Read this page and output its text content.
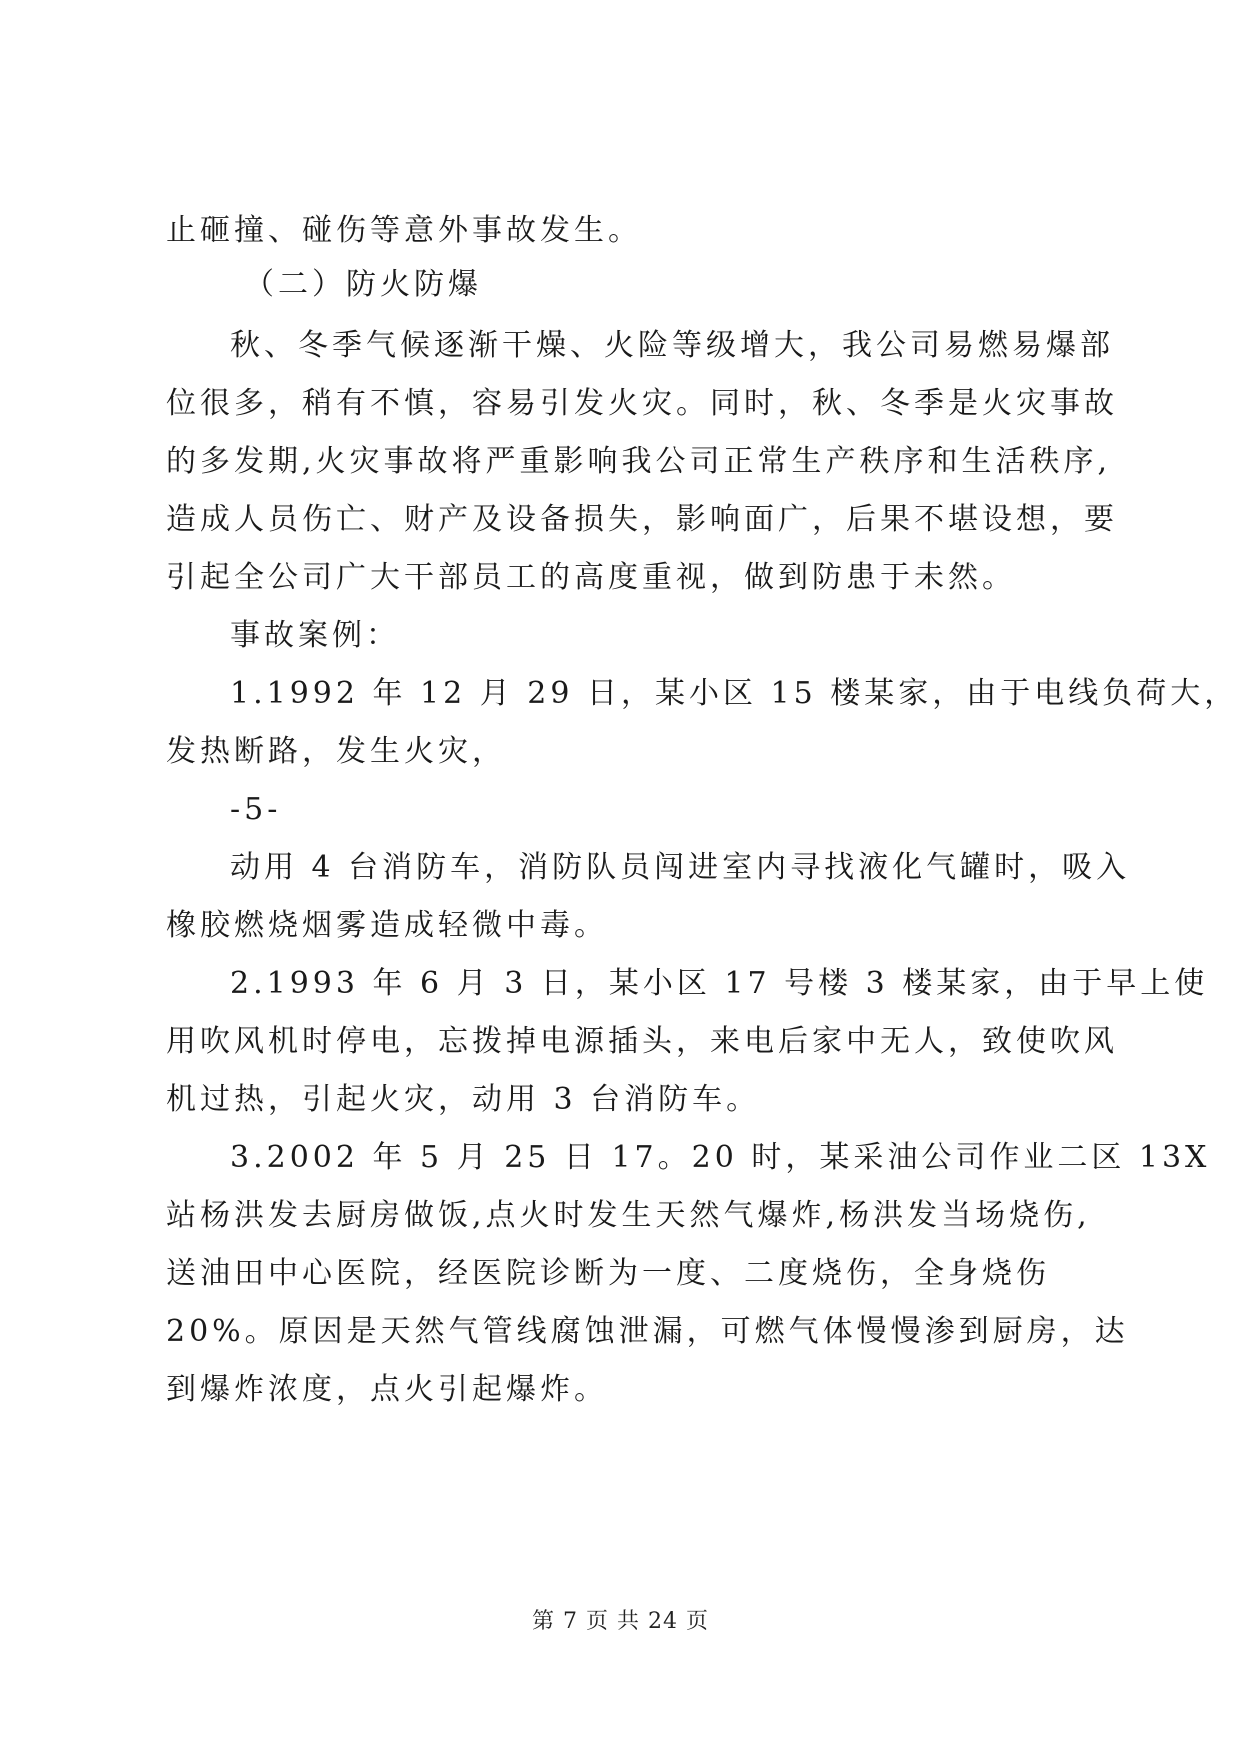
止砸撞、碰伤等意外事故发生。
（二）防火防爆
秋、冬季气候逐渐干燥、火险等级增大，我公司易燃易爆部
位很多，稍有不慎，容易引发火灾。同时，秋、冬季是火灾事故
的多发期,火灾事故将严重影响我公司正常生产秩序和生活秩序,
造成人员伤亡、财产及设备损失，影响面广，后果不堪设想，要
引起全公司广大干部员工的高度重视，做到防患于未然。
事故案例：
1.1992 年 12 月 29 日，某小区 15 楼某家，由于电线负荷大，
发热断路，发生火灾，
-5-
动用 4 台消防车，消防队员闯进室内寻找液化气罐时，吸入
橡胶燃烧烟雾造成轻微中毒。
2.1993 年 6 月 3 日，某小区 17 号楼 3 楼某家，由于早上使
用吹风机时停电，忘拨掉电源插头，来电后家中无人，致使吹风
机过热，引起火灾，动用 3 台消防车。
3.2002 年 5 月 25 日 17。20 时，某采油公司作业二区 13X
站杨洪发去厨房做饭,点火时发生天然气爆炸,杨洪发当场烧伤,
送油田中心医院，经医院诊断为一度、二度烧伤，全身烧伤
20%。原因是天然气管线腐蚀泄漏，可燃气体慢慢渗到厨房，达
到爆炸浓度，点火引起爆炸。
第 7 页 共 24 页
